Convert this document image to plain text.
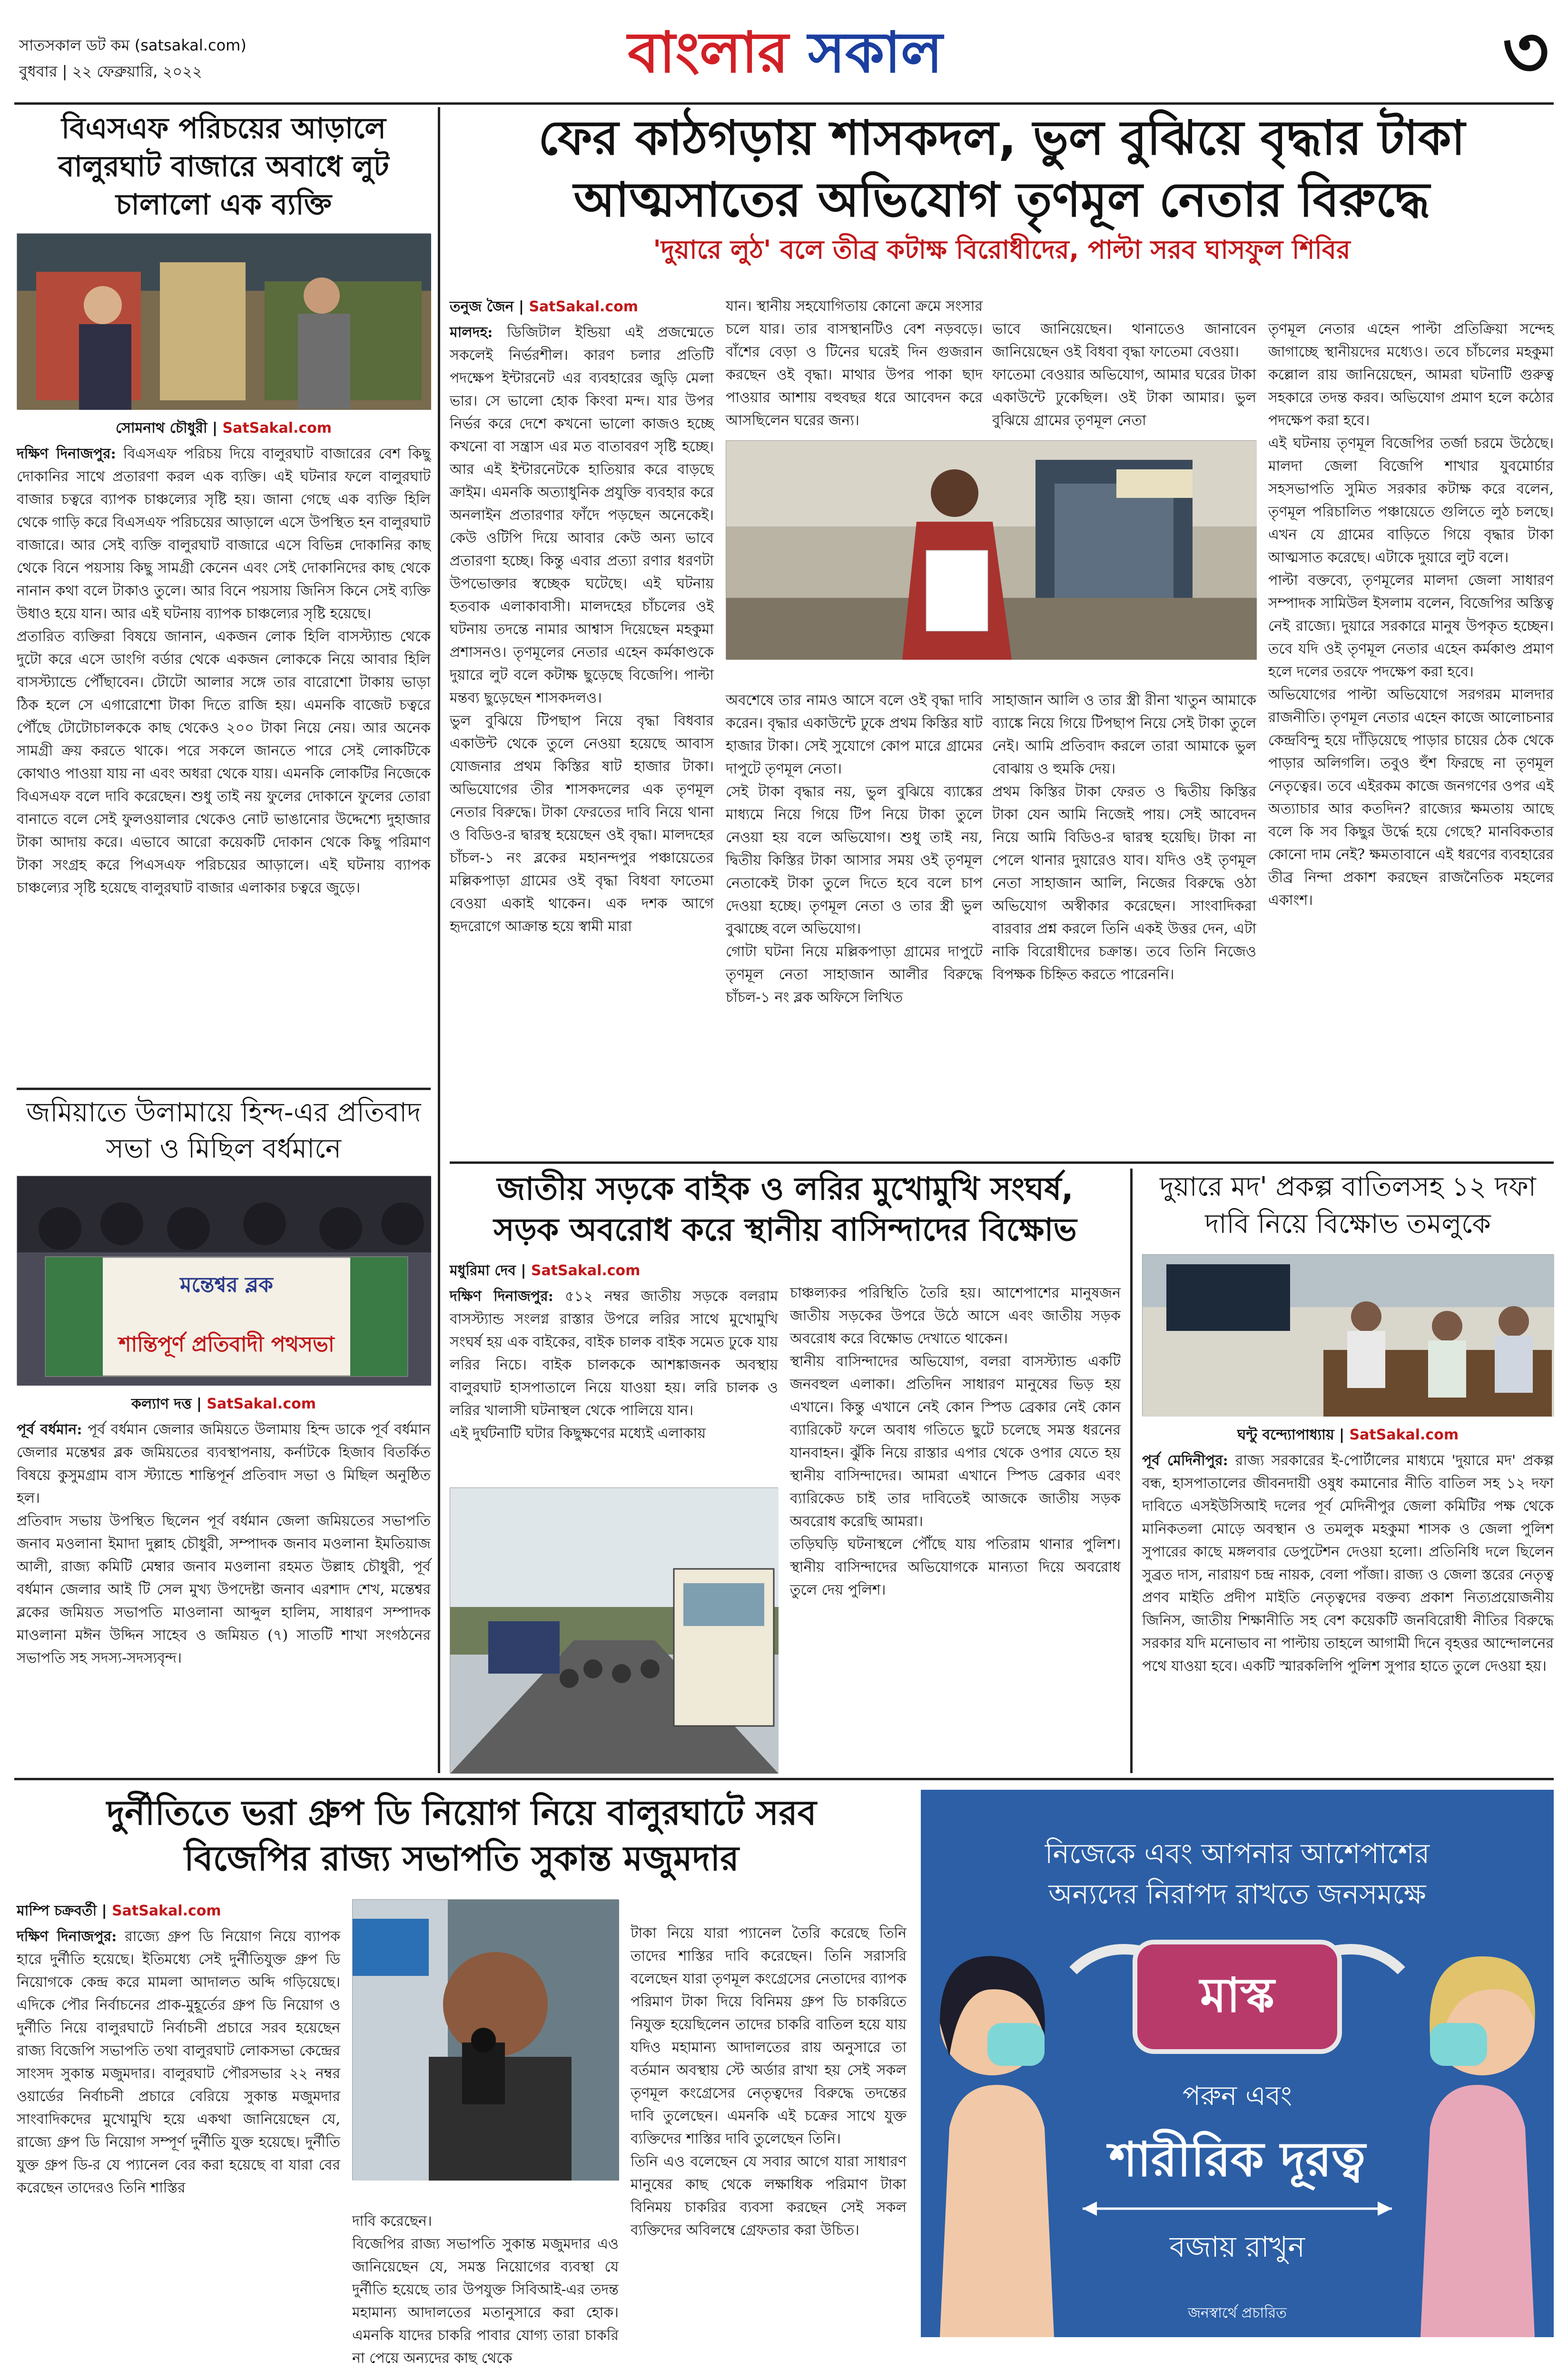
সাতসকাল ডট কম (satsakal.com)
বুধবার | ২২ ফেব্রুয়ারি, ২০২২	বাংলার সকাল	৩
বিএসএফ পরিচয়ের আড়ালে বালুরঘাট বাজারে অবাধে লুট চালালো এক ব্যক্তি
সোমনাথ চৌধুরী | SatSakal.com
দক্ষিণ দিনাজপুর: বিএসএফ পরিচয় দিয়ে বালুরঘাট বাজারের বেশ কিছু দোকানির সাথে প্রতারণা করল এক ব্যক্তি। এই ঘটনার ফলে বালুরঘাট বাজার চত্বরে ব্যাপক চাঞ্চল্যের সৃষ্টি হয়। জানা গেছে এক ব্যক্তি হিলি থেকে গাড়ি করে বিএসএফ পরিচয়ের আড়ালে এসে উপস্থিত হন বালুরঘাট বাজারে। আর সেই ব্যক্তি বালুরঘাট বাজারে এসে বিভিন্ন দোকানির কাছ থেকে বিনে পয়সায় কিছু সামগ্রী কেনেন এবং সেই দোকানিদের কাছ থেকে নানান কথা বলে টাকাও তুলে। আর বিনে পয়সায় জিনিস কিনে সেই ব্যক্তি উধাও হয়ে যান। আর এই ঘটনায় ব্যাপক চাঞ্চল্যের সৃষ্টি হয়েছে।
প্রতারিত ব্যক্তিরা বিষয়ে জানান, একজন লোক হিলি বাসস্ট্যান্ড থেকে দুটো করে এসে ডাংগি বর্ডার থেকে একজন লোককে নিয়ে আবার হিলি বাসস্ট্যান্ডে পৌঁছাবেন। টোটো আলার সঙ্গে তার বারোশো টাকায় ভাড়া ঠিক হলে সে এগারোশো টাকা দিতে রাজি হয়। এমনকি বাজেট চত্বরে পৌঁছে টোটোচালককে কাছ থেকেও ২০০ টাকা নিয়ে নেয়। আর অনেক সামগ্রী ক্রয় করতে থাকে। পরে সকলে জানতে পারে সেই লোকটিকে কোথাও পাওয়া যায় না এবং অধরা থেকে যায়। এমনকি লোকটির নিজেকে বিএসএফ বলে দাবি করেছেন। শুধু তাই নয় ফুলের দোকানে ফুলের তোরা বানাতে বলে সেই ফুলওয়ালার থেকেও নোট ভাঙানোর উদ্দেশ্যে দুহাজার টাকা আদায় করে। এভাবে আরো কয়েকটি দোকান থেকে কিছু পরিমাণ টাকা সংগ্রহ করে পিএসএফ পরিচয়ের আড়ালে। এই ঘটনায় ব্যাপক চাঞ্চল্যের সৃষ্টি হয়েছে বালুরঘাট বাজার এলাকার চত্বরে জুড়ে।
জমিয়াতে উলামায়ে হিন্দ-এর প্রতিবাদ সভা ও মিছিল বর্ধমানে
মন্তেশ্বর ব্লক
শান্তিপূর্ণ প্রতিবাদী পথসভা
কল্যাণ দত্ত | SatSakal.com
পূর্ব বর্ধমান: পূর্ব বর্ধমান জেলার জমিয়তে উলামায় হিন্দ ডাকে পূর্ব বর্ধমান জেলার মন্তেশ্বর ব্লক জমিয়তের ব্যবস্থাপনায়, কর্নাটকে হিজাব বিতর্কিত বিষয়ে কুসুমগ্রাম বাস স্ট্যান্ডে শান্তিপূর্ন প্রতিবাদ সভা ও মিছিল অনুষ্ঠিত হল।
প্রতিবাদ সভায় উপস্থিত ছিলেন পূর্ব বর্ধমান জেলা জমিয়তের সভাপতি জনাব মওলানা ইমাদা দুল্লাহ চৌধুরী, সম্পাদক জনাব মওলানা ইমতিয়াজ আলী, রাজ্য কমিটি মেম্বার জনাব মওলানা রহমত উল্লাহ চৌধুরী, পূর্ব বর্ধমান জেলার আই টি সেল মুখ্য উপদেষ্টা জনাব এরশাদ শেখ, মন্তেশ্বর ব্লকের জমিয়ত সভাপতি মাওলানা আব্দুল হালিম, সাধারণ সম্পাদক মাওলানা মঈন উদ্দিন সাহেব ও জমিয়ত (৭) সাতটি শাখা সংগঠনের সভাপতি সহ সদস্য-সদস্যবৃন্দ।
ফের কাঠগড়ায় শাসকদল, ভুল বুঝিয়ে বৃদ্ধার টাকা
আত্মসাতের অভিযোগ তৃণমূল নেতার বিরুদ্ধে
'দুয়ারে লুঠ' বলে তীব্র কটাক্ষ বিরোধীদের, পাল্টা সরব ঘাসফুল শিবির
তনুজ জৈন | SatSakal.com
মালদহ: ডিজিটাল ইন্ডিয়া এই প্রজন্মেতে সকলেই নির্ভরশীল। কারণ চলার প্রতিটি পদক্ষেপ ইন্টারনেট এর ব্যবহারের জুড়ি মেলা ভার। সে ভালো হোক কিংবা মন্দ। যার উপর নির্ভর করে দেশে কখনো ভালো কাজও হচ্ছে কখনো বা সন্ত্রাস এর মত বাতাবরণ সৃষ্টি হচ্ছে। আর এই ইন্টারনেটকে হাতিয়ার করে বাড়ছে ক্রাইম। এমনকি অত্যাধুনিক প্রযুক্তি ব্যবহার করে অনলাইন প্রতারণার ফাঁদে পড়ছেন অনেকেই। কেউ ওটিপি দিয়ে আবার কেউ অন্য ভাবে প্রতারণা হচ্ছে। কিন্তু এবার প্রত্যা রণার ধরণটা উপভোক্তার স্বচ্ছেক ঘটেছে। এই ঘটনায় হতবাক এলাকাবাসী। মালদহের চাঁচলের ওই ঘটনায় তদন্তে নামার আশ্বাস দিয়েছেন মহকুমা প্রশাসনও। তৃণমূলের নেতার এহেন কর্মকাণ্ডকে দুয়ারে লুট বলে কটাক্ষ ছুড়েছে বিজেপি। পাল্টা মন্তব্য ছুড়েছেন শাসকদলও।
ভুল বুঝিয়ে টিপছাপ নিয়ে বৃদ্ধা বিধবার একাউন্ট থেকে তুলে নেওয়া হয়েছে আবাস যোজনার প্রথম কিস্তির ষাট হাজার টাকা। অভিযোগের তীর শাসকদলের এক তৃণমূল নেতার বিরুদ্ধে। টাকা ফেরতের দাবি নিয়ে থানা ও বিডিও-র দ্বারস্থ হয়েছেন ওই বৃদ্ধা। মালদহের চাঁচল-১ নং ব্লকের মহানন্দপুর পঞ্চায়েতের মল্লিকপাড়া গ্রামের ওই বৃদ্ধা বিধবা ফাতেমা বেওয়া একাই থাকেন। এক দশক আগে হৃদরোগে আক্রান্ত হয়ে স্বামী মারা
যান। স্থানীয় সহযোগিতায় কোনো ক্রমে সংসার চলে যার। তার বাসস্থানটিও বেশ নড়বড়ে। বাঁশের বেড়া ও টিনের ঘরেই দিন গুজরান করছেন ওই বৃদ্ধা। মাথার উপর পাকা ছাদ পাওয়ার আশায় বহুবছর ধরে আবেদন করে আসছিলেন ঘরের জন্য।

ভাবে জানিয়েছেন। থানাতেও জানাবেন জানিয়েছেন ওই বিধবা বৃদ্ধা ফাতেমা বেওয়া।
ফাতেমা বেওয়ার অভিযোগ, আমার ঘরের টাকা একাউন্টে ঢুকেছিল। ওই টাকা আমার। ভুল বুঝিয়ে গ্রামের তৃণমূল নেতা

অবশেষে তার নামও আসে বলে ওই বৃদ্ধা দাবি করেন। বৃদ্ধার একাউন্টে ঢুকে প্রথম কিস্তির ষাট হাজার টাকা। সেই সুযোগে কোপ মারে গ্রামের দাপুটে তৃণমূল নেতা।
সেই টাকা বৃদ্ধার নয়, ভুল বুঝিয়ে ব্যাঙ্কের মাধ্যমে নিয়ে গিয়ে টিপ নিয়ে টাকা তুলে নেওয়া হয় বলে অভিযোগ। শুধু তাই নয়, দ্বিতীয় কিস্তির টাকা আসার সময় ওই তৃণমূল নেতাকেই টাকা তুলে দিতে হবে বলে চাপ দেওয়া হচ্ছে। তৃণমূল নেতা ও তার স্ত্রী ভুল বুঝাচ্ছে বলে অভিযোগ।
গোটা ঘটনা নিয়ে মল্লিকপাড়া গ্রামের দাপুটে তৃণমূল নেতা সাহাজান আলীর বিরুদ্ধে চাঁচল-১ নং ব্লক অফিসে লিখিত

সাহাজান আলি ও তার স্ত্রী রীনা খাতুন আমাকে ব্যাঙ্কে নিয়ে গিয়ে টিপছাপ নিয়ে সেই টাকা তুলে নেই। আমি প্রতিবাদ করলে তারা আমাকে ভুল বোঝায় ও হুমকি দেয়।
প্রথম কিস্তির টাকা ফেরত ও দ্বিতীয় কিস্তির টাকা যেন আমি নিজেই পায়। সেই আবেদন নিয়ে আমি বিডিও-র দ্বারস্থ হয়েছি। টাকা না পেলে থানার দুয়ারেও যাব। যদিও ওই তৃণমূল নেতা সাহাজান আলি, নিজের বিরুদ্ধে ওঠা অভিযোগ অস্বীকার করেছেন। সাংবাদিকরা বারবার প্রশ্ন করলে তিনি একই উত্তর দেন, এটা নাকি বিরোধীদের চক্রান্ত। তবে তিনি নিজেও বিপক্ষক চিহ্নিত করতে পারেননি।

তৃণমূল নেতার এহেন পাল্টা প্রতিক্রিয়া সন্দেহ জাগাচ্ছে স্থানীয়দের মধ্যেও। তবে চাঁচলের মহকুমা কল্লোল রায় জানিয়েছেন, আমরা ঘটনাটি গুরুত্ব সহকারে তদন্ত করব। অভিযোগ প্রমাণ হলে কঠোর পদক্ষেপ করা হবে।
এই ঘটনায় তৃণমূল বিজেপির তর্জা চরমে উঠেছে। মালদা জেলা বিজেপি শাখার যুবমোর্চার সহসভাপতি সুমিত সরকার কটাক্ষ করে বলেন, তৃণমূল পরিচালিত পঞ্চায়েতে গুলিতে লুঠ চলছে। এখন যে গ্রামের বাড়িতে গিয়ে বৃদ্ধার টাকা আত্মসাত করেছে। এটাকে দুয়ারে লুট বলে।
পাল্টা বক্তব্যে, তৃণমূলের মালদা জেলা সাধারণ সম্পাদক সামিউল ইসলাম বলেন, বিজেপির অস্তিত্ব নেই রাজ্যে। দুয়ারে সরকারে মানুষ উপকৃত হচ্ছেন। তবে যদি ওই তৃণমূল নেতার এহেন কর্মকাণ্ড প্রমাণ হলে দলের তরফে পদক্ষেপ করা হবে।
অভিযোগের পাল্টা অভিযোগে সরগরম মালদার রাজনীতি। তৃণমূল নেতার এহেন কাজে আলোচনার কেন্দ্রবিন্দু হয়ে দাঁড়িয়েছে পাড়ার চায়ের ঠেক থেকে পাড়ার অলিগলি। তবুও হুঁশ ফিরছে না তৃণমূল নেতৃত্বের। তবে এইরকম কাজে জনগণের ওপর এই অত্যাচার আর কতদিন? রাজ্যের ক্ষমতায় আছে বলে কি সব কিছুর উর্দ্ধে হয়ে গেছে? মানবিকতার কোনো দাম নেই? ক্ষমতাবানে এই ধরণের ব্যবহারের তীব্র নিন্দা প্রকাশ করছেন রাজনৈতিক মহলের একাংশ।

জাতীয় সড়কে বাইক ও লরির মুখোমুখি সংঘর্ষ,
সড়ক অবরোধ করে স্থানীয় বাসিন্দাদের বিক্ষোভ
মধুরিমা দেব | SatSakal.com
দক্ষিণ দিনাজপুর: ৫১২ নম্বর জাতীয় সড়কে বলরাম বাসস্ট্যান্ড সংলগ্ন রাস্তার উপরে লরির সাথে মুখোমুখি সংঘর্ষ হয় এক বাইকের, বাইক চালক বাইক সমেত ঢুকে যায় লরির নিচে। বাইক চালককে আশঙ্কাজনক অবস্থায় বালুরঘাট হাসপাতালে নিয়ে যাওয়া হয়। লরি চালক ও লরির খালাসী ঘটনাস্থল থেকে পালিয়ে যান।
এই দুর্ঘটনাটি ঘটার কিছুক্ষণের মধ্যেই এলাকায়

চাঞ্চল্যকর পরিস্থিতি তৈরি হয়। আশেপাশের মানুষজন জাতীয় সড়কের উপরে উঠে আসে এবং জাতীয় সড়ক অবরোধ করে বিক্ষোভ দেখাতে থাকেন।
স্থানীয় বাসিন্দাদের অভিযোগ, বলরা বাসস্ট্যান্ড একটি জনবহুল এলাকা। প্রতিদিন সাধারণ মানুষের ভিড় হয় এখানে। কিন্তু এখানে নেই কোন স্পিড ব্রেকার নেই কোন ব্যারিকেট ফলে অবাধ গতিতে ছুটে চলেছে সমস্ত ধরনের যানবাহন। ঝুঁকি নিয়ে রাস্তার এপার থেকে ওপার যেতে হয় স্থানীয় বাসিন্দাদের। আমরা এখানে স্পিড ব্রেকার এবং ব্যারিকেড চাই তার দাবিতেই আজকে জাতীয় সড়ক অবরোধ করেছি আমরা।
তড়িঘড়ি ঘটনাস্থলে পৌঁছে যায় পতিরাম থানার পুলিশ। স্থানীয় বাসিন্দাদের অভিযোগকে মান্যতা দিয়ে অবরোধ তুলে দেয় পুলিশ।

দুয়ারে মদ' প্রকল্প বাতিলসহ ১২ দফা দাবি নিয়ে বিক্ষোভ তমলুকে
ঘন্টু বন্দ্যোপাধ্যায় | SatSakal.com
পূর্ব মেদিনীপুর: রাজ্য সরকারের ই-পোর্টালের মাধ্যমে 'দুয়ারে মদ' প্রকল্প বন্ধ, হাসপাতালের জীবনদায়ী ওষুধ কমানোর নীতি বাতিল সহ ১২ দফা দাবিতে এসইউসিআই দলের পূর্ব মেদিনীপুর জেলা কমিটির পক্ষ থেকে মানিকতলা মোড়ে অবস্থান ও তমলুক মহকুমা শাসক ও জেলা পুলিশ সুপারের কাছে মঙ্গলবার ডেপুটেশন দেওয়া হলো। প্রতিনিধি দলে ছিলেন সুব্রত দাস, নারায়ণ চন্দ্র নায়ক, বেলা পাঁজা। রাজ্য ও জেলা স্তরের নেতৃত্ব প্রণব মাইতি প্রদীপ মাইতি নেতৃত্বদের বক্তব্য প্রকাশ নিত্যপ্রয়োজনীয় জিনিস, জাতীয় শিক্ষানীতি সহ বেশ কয়েকটি জনবিরোধী নীতির বিরুদ্ধে সরকার যদি মনোভাব না পাল্টায় তাহলে আগামী দিনে বৃহত্তর আন্দোলনের পথে যাওয়া হবে। একটি স্মারকলিপি পুলিশ সুপার হাতে তুলে দেওয়া হয়।
দুর্নীতিতে ভরা গ্রুপ ডি নিয়োগ নিয়ে বালুরঘাটে সরব
বিজেপির রাজ্য সভাপতি সুকান্ত মজুমদার
মাম্পি চক্রবর্তী | SatSakal.com
দক্ষিণ দিনাজপুর: রাজ্যে গ্রুপ ডি নিয়োগ নিয়ে ব্যাপক হারে দুর্নীতি হয়েছে। ইতিমধ্যে সেই দুর্নীতিযুক্ত গ্রুপ ডি নিয়োগকে কেন্দ্র করে মামলা আদালত অব্দি গড়িয়েছে। এদিকে পৌর নির্বাচনের প্রাক-মুহূর্তের গ্রুপ ডি নিয়োগ ও দুর্নীতি নিয়ে বালুরঘাটে নির্বাচনী প্রচারে সরব হয়েছেন রাজ্য বিজেপি সভাপতি তথা বালুরঘাট লোকসভা কেন্দ্রের সাংসদ সুকান্ত মজুমদার। বালুরঘাট পৌরসভার ২২ নম্বর ওয়ার্ডের নির্বাচনী প্রচারে বেরিয়ে সুকান্ত মজুমদার সাংবাদিকদের মুখোমুখি হয়ে একথা জানিয়েছেন যে, রাজ্যে গ্রুপ ডি নিয়োগ সম্পূর্ণ দুর্নীতি যুক্ত হয়েছে। দুর্নীতি যুক্ত গ্রুপ ডি-র যে প্যানেল বের করা হয়েছে বা যারা বের করেছেন তাদেরও তিনি শাস্তির

দাবি করেছেন।
বিজেপির রাজ্য সভাপতি সুকান্ত মজুমদার এও জানিয়েছেন যে, সমস্ত নিয়োগের ব্যবস্থা যে দুর্নীতি হয়েছে তার উপযুক্ত সিবিআই-এর তদন্ত মহামান্য আদালতের মতানুসারে করা হোক। এমনকি যাদের চাকরি পাবার যোগ্য তারা চাকরি না পেয়ে অন্যদের কাছ থেকে

টাকা নিয়ে যারা প্যানেল তৈরি করেছে তিনি তাদের শাস্তির দাবি করেছেন। তিনি সরাসরি বলেছেন যারা তৃণমূল কংগ্রেসের নেতাদের ব্যাপক পরিমাণ টাকা দিয়ে বিনিময় গ্রুপ ডি চাকরিতে নিযুক্ত হয়েছিলেন তাদের চাকরি বাতিল হয়ে যায় যদিও মহামান্য আদালতের রায় অনুসারে তা বর্তমান অবস্থায় স্টে অর্ডার রাখা হয় সেই সকল তৃণমূল কংগ্রেসের নেতৃত্বদের বিরুদ্ধে তদন্তের দাবি তুলেছেন। এমনকি এই চক্রের সাথে যুক্ত ব্যক্তিদের শাস্তির দাবি তুলেছেন তিনি।
তিনি এও বলেছেন যে সবার আগে যারা সাধারণ মানুষের কাছ থেকে লক্ষাধিক পরিমাণ টাকা বিনিময় চাকরির ব্যবসা করছেন সেই সকল ব্যক্তিদের অবিলম্বে গ্রেফতার করা উচিত।

নিজেকে এবং আপনার আশেপাশের
অন্যদের নিরাপদ রাখতে জনসমক্ষে
মাস্ক
পরুন এবং
শারীরিক দূরত্ব
বজায় রাখুন
জনস্বার্থে প্রচারিত
